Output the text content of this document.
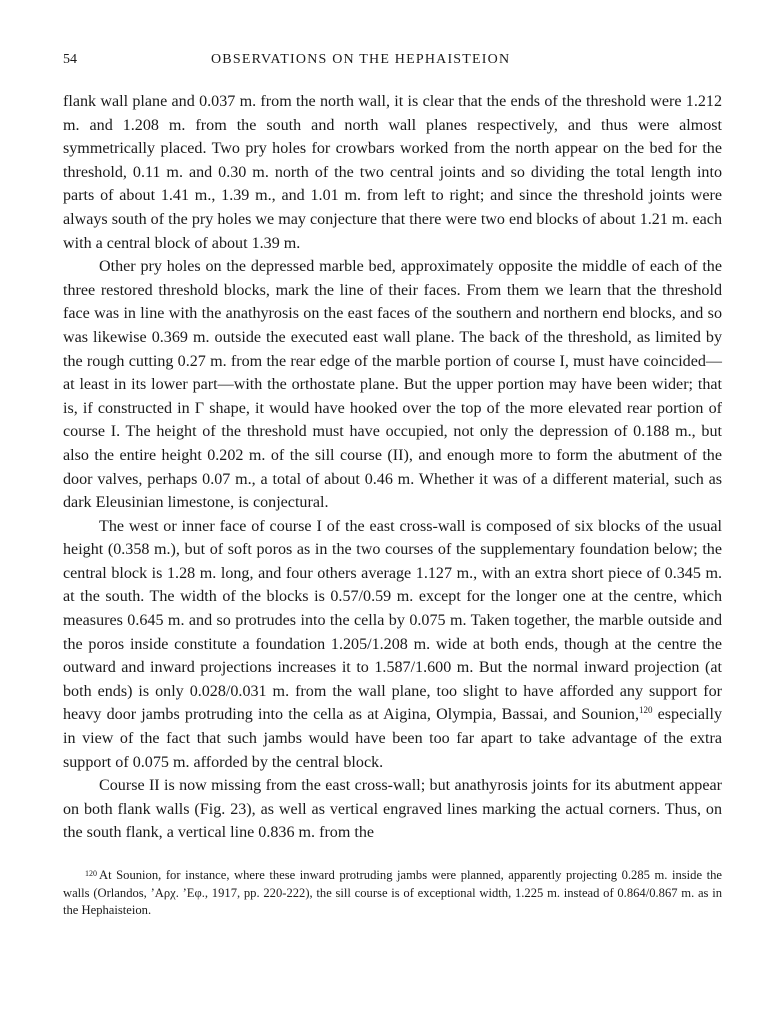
54	OBSERVATIONS ON THE HEPHAISTEION

flank wall plane and 0.037 m. from the north wall, it is clear that the ends of the threshold were 1.212 m. and 1.208 m. from the south and north wall planes respectively, and thus were almost symmetrically placed. Two pry holes for crowbars worked from the north appear on the bed for the threshold, 0.11 m. and 0.30 m. north of the two central joints and so dividing the total length into parts of about 1.41 m., 1.39 m., and 1.01 m. from left to right; and since the threshold joints were always south of the pry holes we may conjecture that there were two end blocks of about 1.21 m. each with a central block of about 1.39 m.

Other pry holes on the depressed marble bed, approximately opposite the middle of each of the three restored threshold blocks, mark the line of their faces. From them we learn that the threshold face was in line with the anathyrosis on the east faces of the southern and northern end blocks, and so was likewise 0.369 m. outside the executed east wall plane. The back of the threshold, as limited by the rough cutting 0.27 m. from the rear edge of the marble portion of course I, must have coincided—at least in its lower part—with the orthostate plane. But the upper portion may have been wider; that is, if constructed in Γ shape, it would have hooked over the top of the more elevated rear portion of course I. The height of the threshold must have occupied, not only the depression of 0.188 m., but also the entire height 0.202 m. of the sill course (II), and enough more to form the abutment of the door valves, perhaps 0.07 m., a total of about 0.46 m. Whether it was of a different material, such as dark Eleusinian limestone, is conjectural.

The west or inner face of course I of the east cross-wall is composed of six blocks of the usual height (0.358 m.), but of soft poros as in the two courses of the supplementary foundation below; the central block is 1.28 m. long, and four others average 1.127 m., with an extra short piece of 0.345 m. at the south. The width of the blocks is 0.57/0.59 m. except for the longer one at the centre, which measures 0.645 m. and so protrudes into the cella by 0.075 m. Taken together, the marble outside and the poros inside constitute a foundation 1.205/1.208 m. wide at both ends, though at the centre the outward and inward projections increases it to 1.587/1.600 m. But the normal inward projection (at both ends) is only 0.028/0.031 m. from the wall plane, too slight to have afforded any support for heavy door jambs protruding into the cella as at Aigina, Olympia, Bassai, and Sounion,$^{120}$ especially in view of the fact that such jambs would have been too far apart to take advantage of the extra support of 0.075 m. afforded by the central block.

Course II is now missing from the east cross-wall; but anathyrosis joints for its abutment appear on both flank walls (Fig. 23), as well as vertical engraved lines marking the actual corners. Thus, on the south flank, a vertical line 0.836 m. from the

$^{120}$ At Sounion, for instance, where these inward protruding jambs were planned, apparently projecting 0.285 m. inside the walls (Orlandos, ’Αρχ. ’Εφ., 1917, pp. 220-222), the sill course is of exceptional width, 1.225 m. instead of 0.864/0.867 m. as in the Hephaisteion.
